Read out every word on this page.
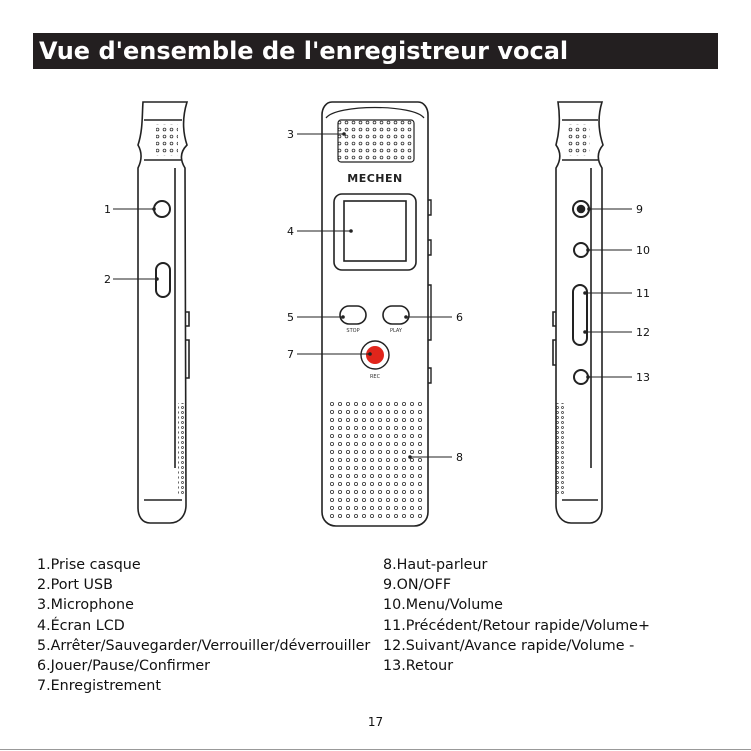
Vue d'ensemble de l'enregistreur vocal
MECHEN
STOP	PLAY
REC
1
2
3
4
5	6
7
8
9
10
11
12
13
1.Prise casque
2.Port USB
3.Microphone
4.Écran LCD
5.Arrêter/Sauvegarder/Verrouiller/déverrouiller
6.Jouer/Pause/Confirmer
7.Enregistrement
8.Haut-parleur
9.ON/OFF
10.Menu/Volume
11.Précédent/Retour rapide/Volume+
12.Suivant/Avance rapide/Volume -
13.Retour
17
